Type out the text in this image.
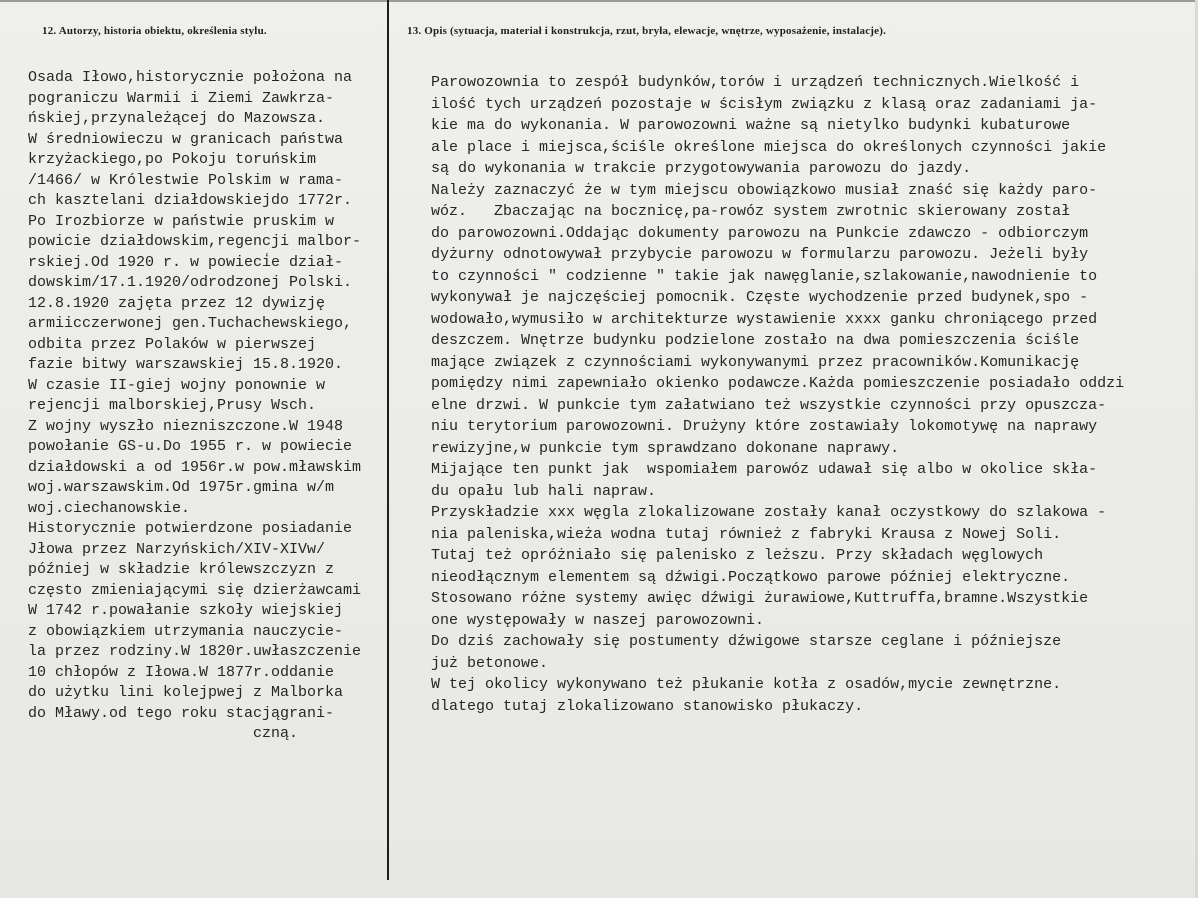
12. Autorzy, historia obiektu, określenia stylu.	13. Opis (sytuacja, materiał i konstrukcja, rzut, bryła, elewacje, wnętrze, wyposażenie, instalacje).
Osada Iłowo,historycznie położona na
pograniczu Warmii i Ziemi Zawkrza-
ńskiej,przynależącej do Mazowsza.
W średniowieczu w granicach państwa
krzyżackiego,po Pokoju toruńskim
/1466/ w Królestwie Polskim w rama-
ch kasztelani działdowskiejdo 1772r.
Po Irozbiorze w państwie pruskim w
powicie działdowskim,regencji malbor-
rskiej.Od 1920 r. w powieci̇e dział-
dowskim/17.1.1920/odrodzonej Polski.
12.8.1920 zajęta przez 12 dywizję
armiicczerwonej gen.Tuchachewskiego,
odbita przez Polaków w pierwszej
fazie bitwy warszawskiej 15.8.1920.
W czasie II-giej wojny ponownie w
rejencji malborskiej,Prusy Wsch.
Z wojny wyszło niezniszczone.W 1948
powołanie GS-u.Do 1955 r. w powiecie
działdowski a od 1956r.w pow.mławskim
woj.warszawskim.Od 1975r.gmina w/m
woj.ciechanowskie.
Historycznie potwierdzone posiadanie
Jłowa przez Narzyńskich/XIV-XIVw/
później w składzie królewszczyzn z
często zmieniającymi się dzierżawcami
W 1742 r.powałanie szkoły wiejskiej
z obowiązkiem utrzymania nauczycie-
la przez rodziny.W 1820r.uwłaszczenie
10 chłopów z Iłowa.W 1877r.oddanie
do użytku lini kolejpwej z Malborka
do Mławy.od tego roku stacjągrani-
czną.
Parowozownia to zespół budynków,torów i urządzeń technicznych.Wielkość i
ilość tych urządzeń pozostaje w ścisłym związku z klasą oraz zadaniami ja-
kie ma do wykonania. W parowozowni ważne są nietylko budynki kubaturowe
ale place i miejsca,ściśle określone miejsca do określonych czynności jakie
są do wykonania w trakcie przygotowywania parowozu do jazdy.
Należy zaznaczyć że w tym miejscu obowiązkowo musiał znaść się każdy paro-
wóz.   Zbaczając na bocznicę,pa-rowóz system zwrotnic skierowany został
do parowozowni.Oddając dokumenty parowozu na Punkcie zdawczo - odbiorczym
dyżurny odnotowywał przybycie parowozu w formularzu parowozu. Jeżeli były
to czynności " codzienne " takie jak nawęglanie,szlakowanie,nawodnienie to
wykonywał je najczęściej pomocnik. Częste wychodzenie przed budynek,spo -
wodowało,wymusiło w architekturze wystawienie xxxx ganku chroniącego przed
deszczem. Wnętrze budynku podzielone zostało na dwa pomieszczenia ściśle
mające związek z czynnościami wykonywanymi przez pracowników.Komunikację
pomiędzy nimi zapewniało okienko podawcze.Każda pomieszczenie posiadało oddzi
elne drzwi. W punkcie tym załatwiano też wszystkie czynności przy opuszcza-
niu terytorium parowozowni. Drużyny które zostawiały lokomotywę na naprawy
rewizyjne,w punkcie tym sprawdzano dokonane naprawy.
Mijające ten punkt jak  wspomiałem parowóz udawał się albo w okolice skła-
du opału lub hali napraw.
Przyskładzie xxx węgla zlokalizowane zostały kanał oczystkowy do szlakowa -
nia paleniska,wieża wodna tutaj również z fabryki Krausa z Nowej Soli.
Tutaj też opróżniało się palenisko z leższu. Przy składach węglowych
nieodłącznym elementem są dźwigi.Początkowo parowe później elektryczne.
Stosowano różne systemy awięc dźwigi żurawiowe,Kuttruffa,bramne.Wszystkie
one występowały w naszej parowozowni.
Do dziś zachowały się postumenty dźwigowe starsze ceglane i późniejsze
już betonowe.
W tej okolicy wykonywano też płukanie kotła z osadów,mycie zewnętrzne.
dlatego tutaj zlokalizowano stanowisko płukaczy.
